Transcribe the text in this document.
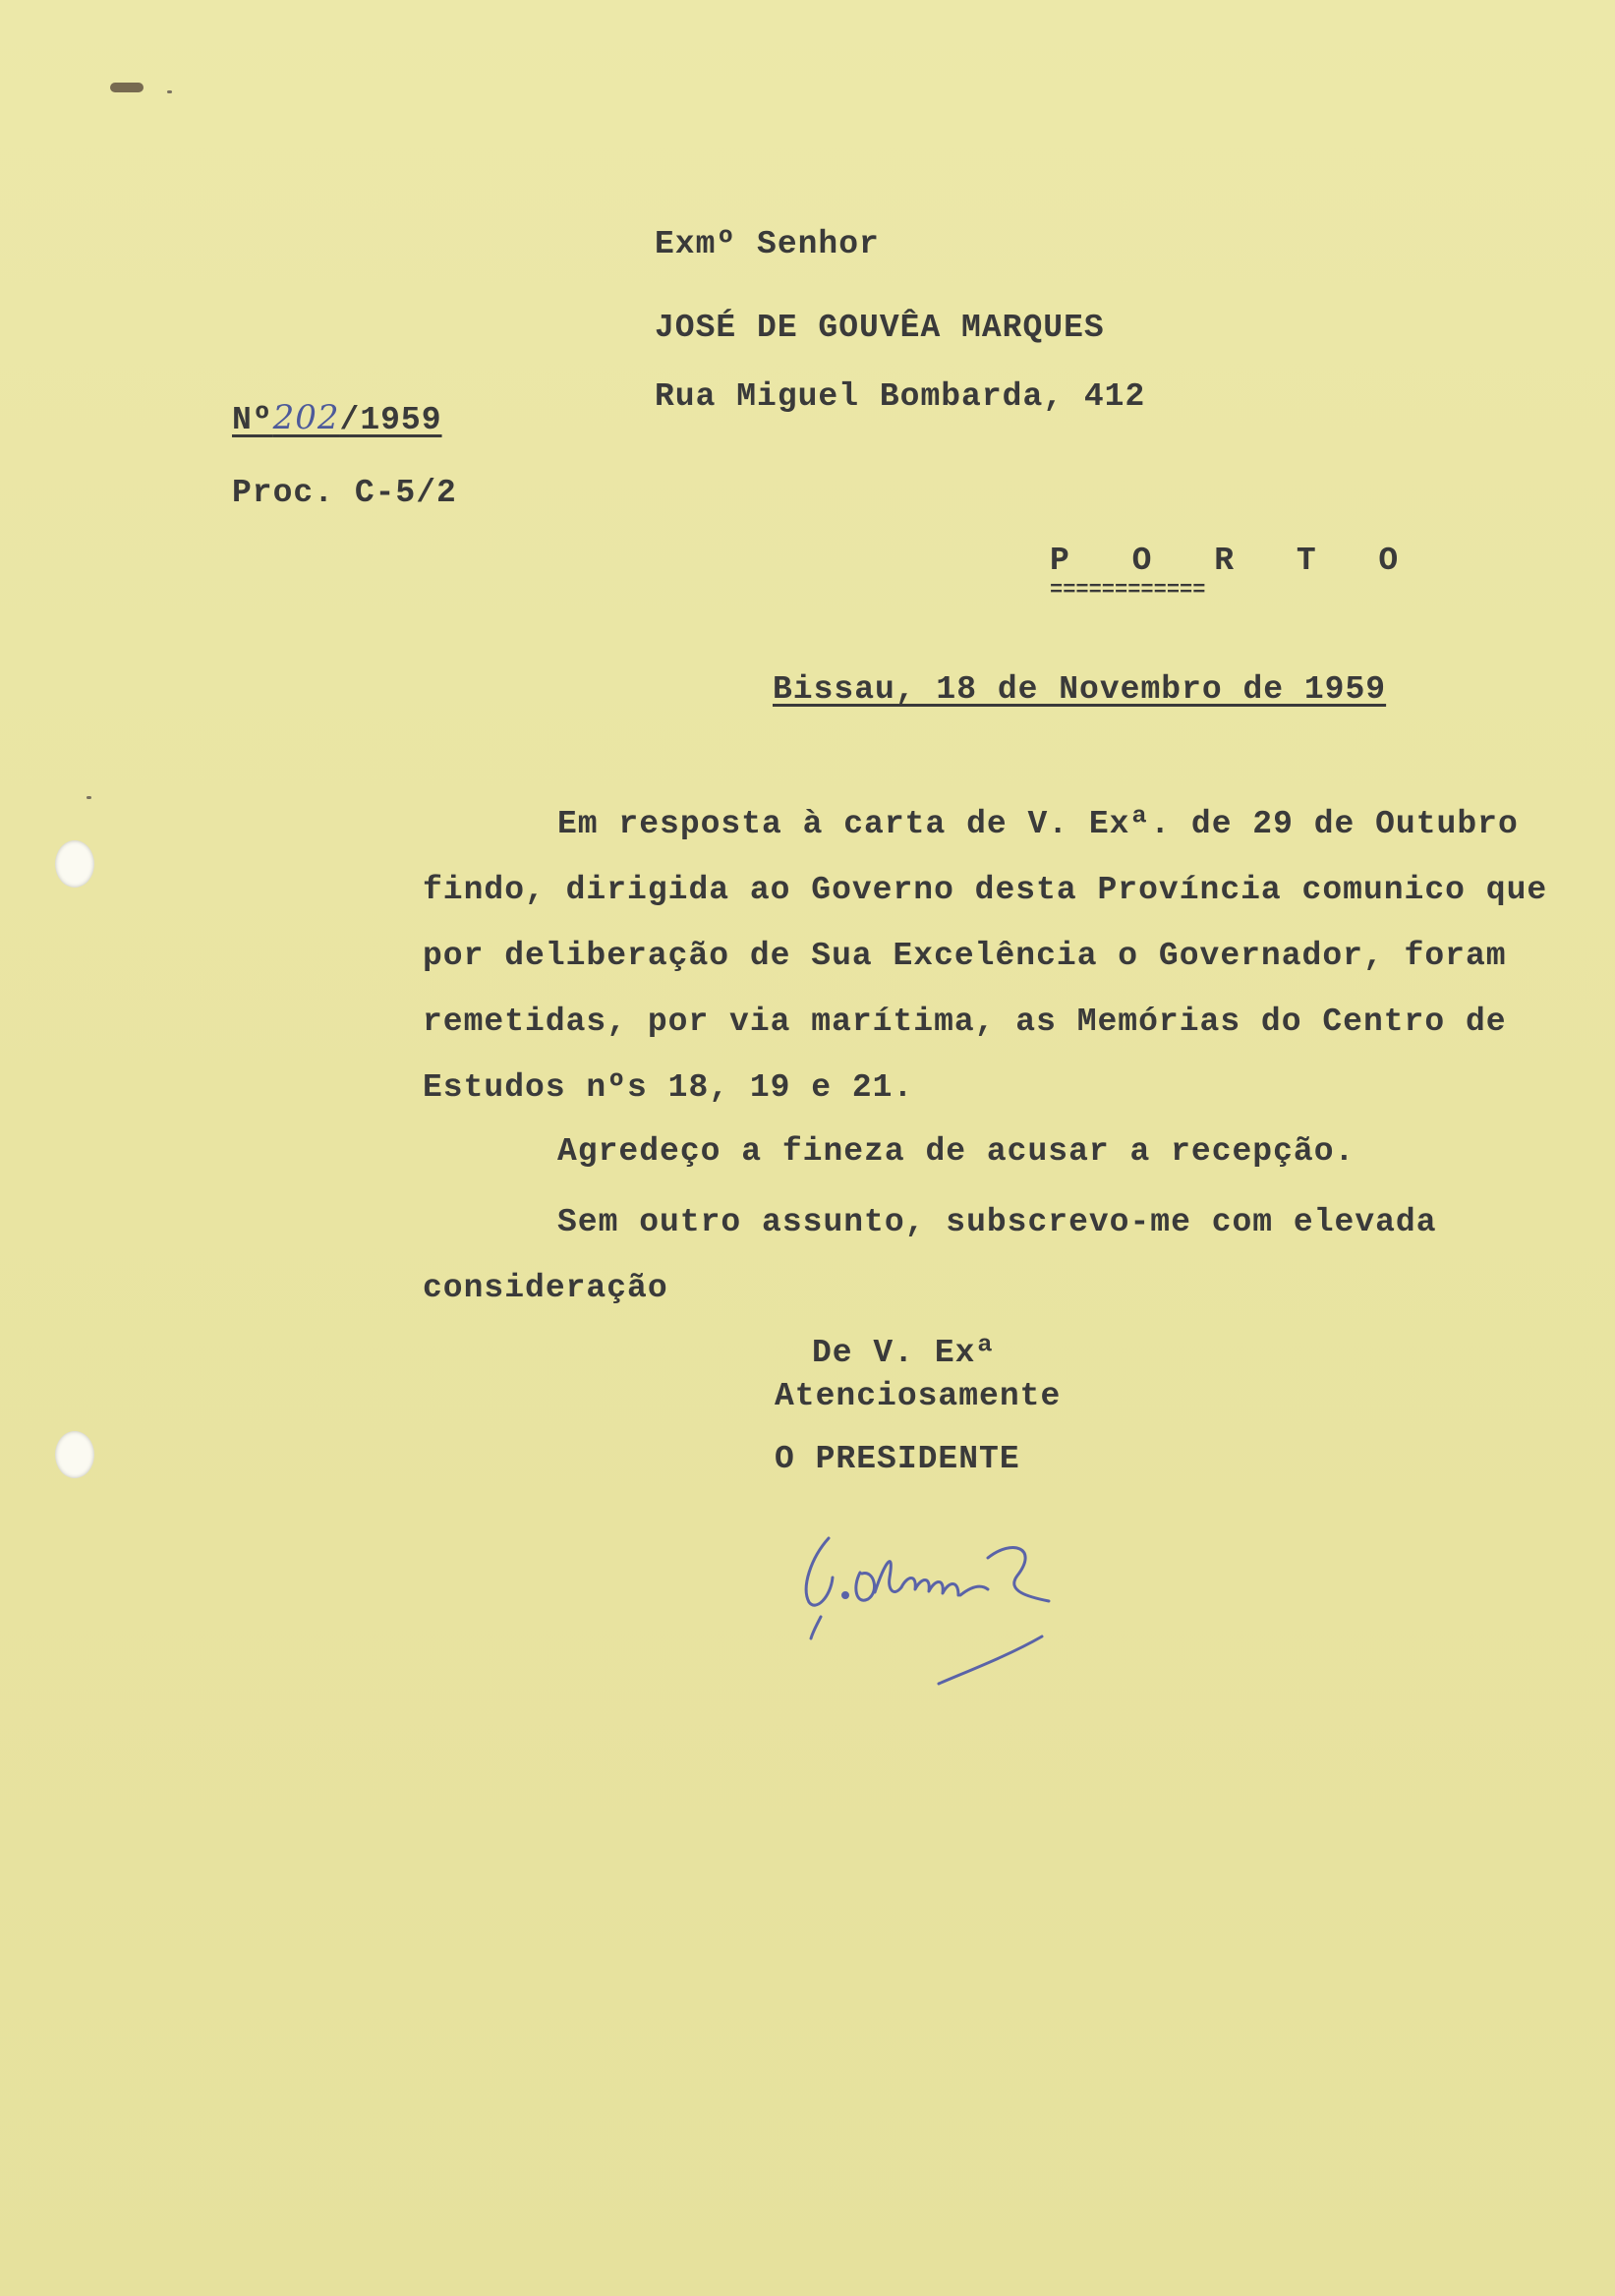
Exmº Senhor
JOSÉ DE GOUVÊA MARQUES
Rua Miguel Bombarda, 412
Nº202/1959
Proc. C-5/2
P O R T O
============
Bissau, 18 de Novembro de 1959
Em resposta à carta de V. Exª. de 29 de Outubro findo, dirigida ao Governo desta Província comunico que por deliberação de Sua Excelência o Governador, foram remetidas, por via marítima, as Memórias do Centro de Estudos nºs 18, 19 e 21.
Agredeço a fineza de acusar a recepção.
Sem outro assunto, subscrevo-me com elevada consideração
De V. Exª
Atenciosamente
O PRESIDENTE
